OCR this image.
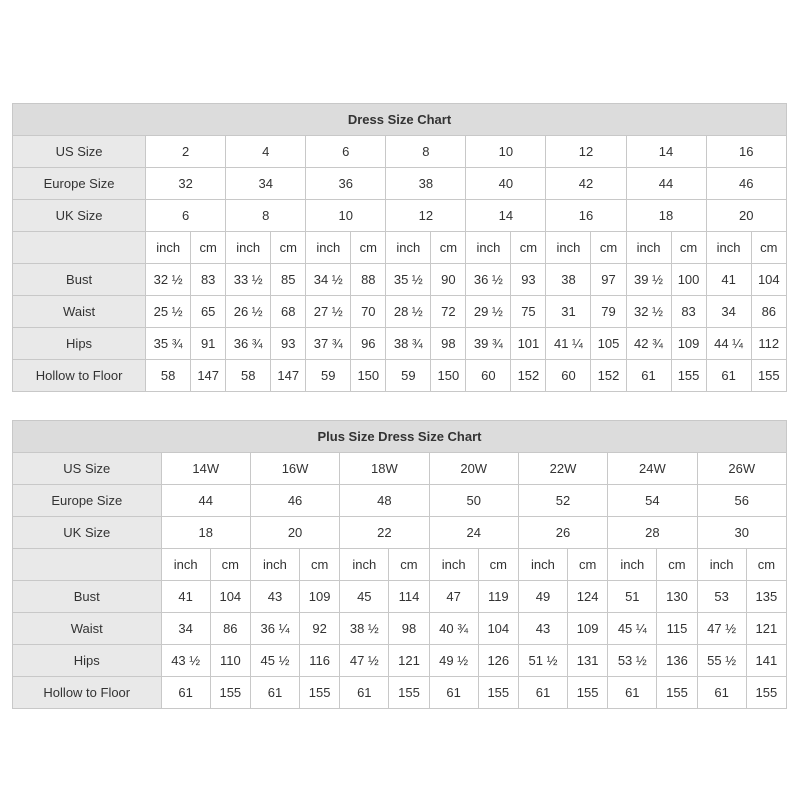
Dress Size Chart																
US Size	2		4		6		8		10		12		14		16	
Europe Size	32		34		36		38		40		42		44		46	
UK Size	6		8		10		12		14		16		18		20	
	inch	cm	inch	cm	inch	cm	inch	cm	inch	cm	inch	cm	inch	cm	inch	cm
Bust	32 ½	83	33 ½	85	34 ½	88	35 ½	90	36 ½	93	38	97	39 ½	100	41	104
Waist	25 ½	65	26 ½	68	27 ½	70	28 ½	72	29 ½	75	31	79	32 ½	83	34	86
Hips	35 ¾	91	36 ¾	93	37 ¾	96	38 ¾	98	39 ¾	101	41 ¼	105	42 ¾	109	44 ¼	112
Hollow to Floor	58	147	58	147	59	150	59	150	60	152	60	152	61	155	61	155
Plus Size Dress Size Chart														
US Size	14W		16W		18W		20W		22W		24W		26W	
Europe Size	44		46		48		50		52		54		56	
UK Size	18		20		22		24		26		28		30	
	inch	cm	inch	cm	inch	cm	inch	cm	inch	cm	inch	cm	inch	cm
Bust	41	104	43	109	45	114	47	119	49	124	51	130	53	135
Waist	34	86	36 ¼	92	38 ½	98	40 ¾	104	43	109	45 ¼	115	47 ½	121
Hips	43 ½	110	45 ½	116	47 ½	121	49 ½	126	51 ½	131	53 ½	136	55 ½	141
Hollow to Floor	61	155	61	155	61	155	61	155	61	155	61	155	61	155
